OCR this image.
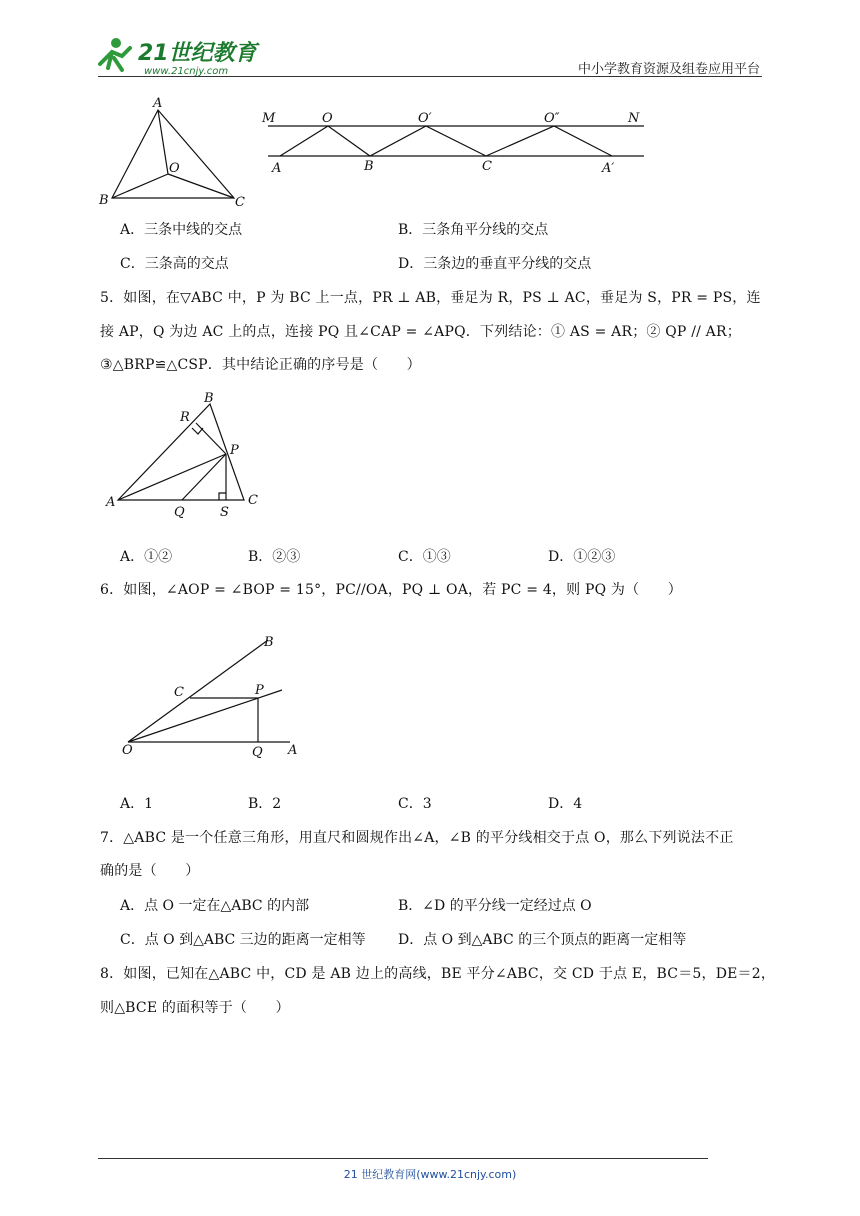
21世纪教育
www.21cnjy.com	中小学教育资源及组卷应用平台
A
B	C
O
M	O	O′	O″	N
A	B	C	A′
A．三条中线的交点	B．三条角平分线的交点
C．三条高的交点	D．三条边的垂直平分线的交点
5．如图，在▽ABC 中，P 为 BC 上一点，PR ⊥ AB，垂足为 R，PS ⊥ AC，垂足为 S，PR = PS，连
接 AP，Q 为边 AC 上的点，连接 PQ 且∠CAP = ∠APQ．下列结论：① AS = AR；② QP // AR；
③△BRP≌△CSP．其中结论正确的序号是（　　）
B
R
P
A
Q	S
C
A．①②	B．②③	C．①③	D．①②③
6．如图，∠AOP = ∠BOP = 15°，PC//OA，PQ ⊥ OA，若 PC = 4，则 PQ 为（　　）
B
C	P
O	Q A
A．1	B．2	C．3	D．4
7．△ABC 是一个任意三角形，用直尺和圆规作出∠A，∠B 的平分线相交于点 O，那么下列说法不正
确的是（　　）
A．点 O 一定在△ABC 的内部	B．∠D 的平分线一定经过点 O
C．点 O 到△ABC 三边的距离一定相等 D．点 O 到△ABC 的三个顶点的距离一定相等
8．如图，已知在△ABC 中，CD 是 AB 边上的高线，BE 平分∠ABC，交 CD 于点 E，BC＝5，DE＝2，
则△BCE 的面积等于（　　）
21 世纪教育网(www.21cnjy.com)
